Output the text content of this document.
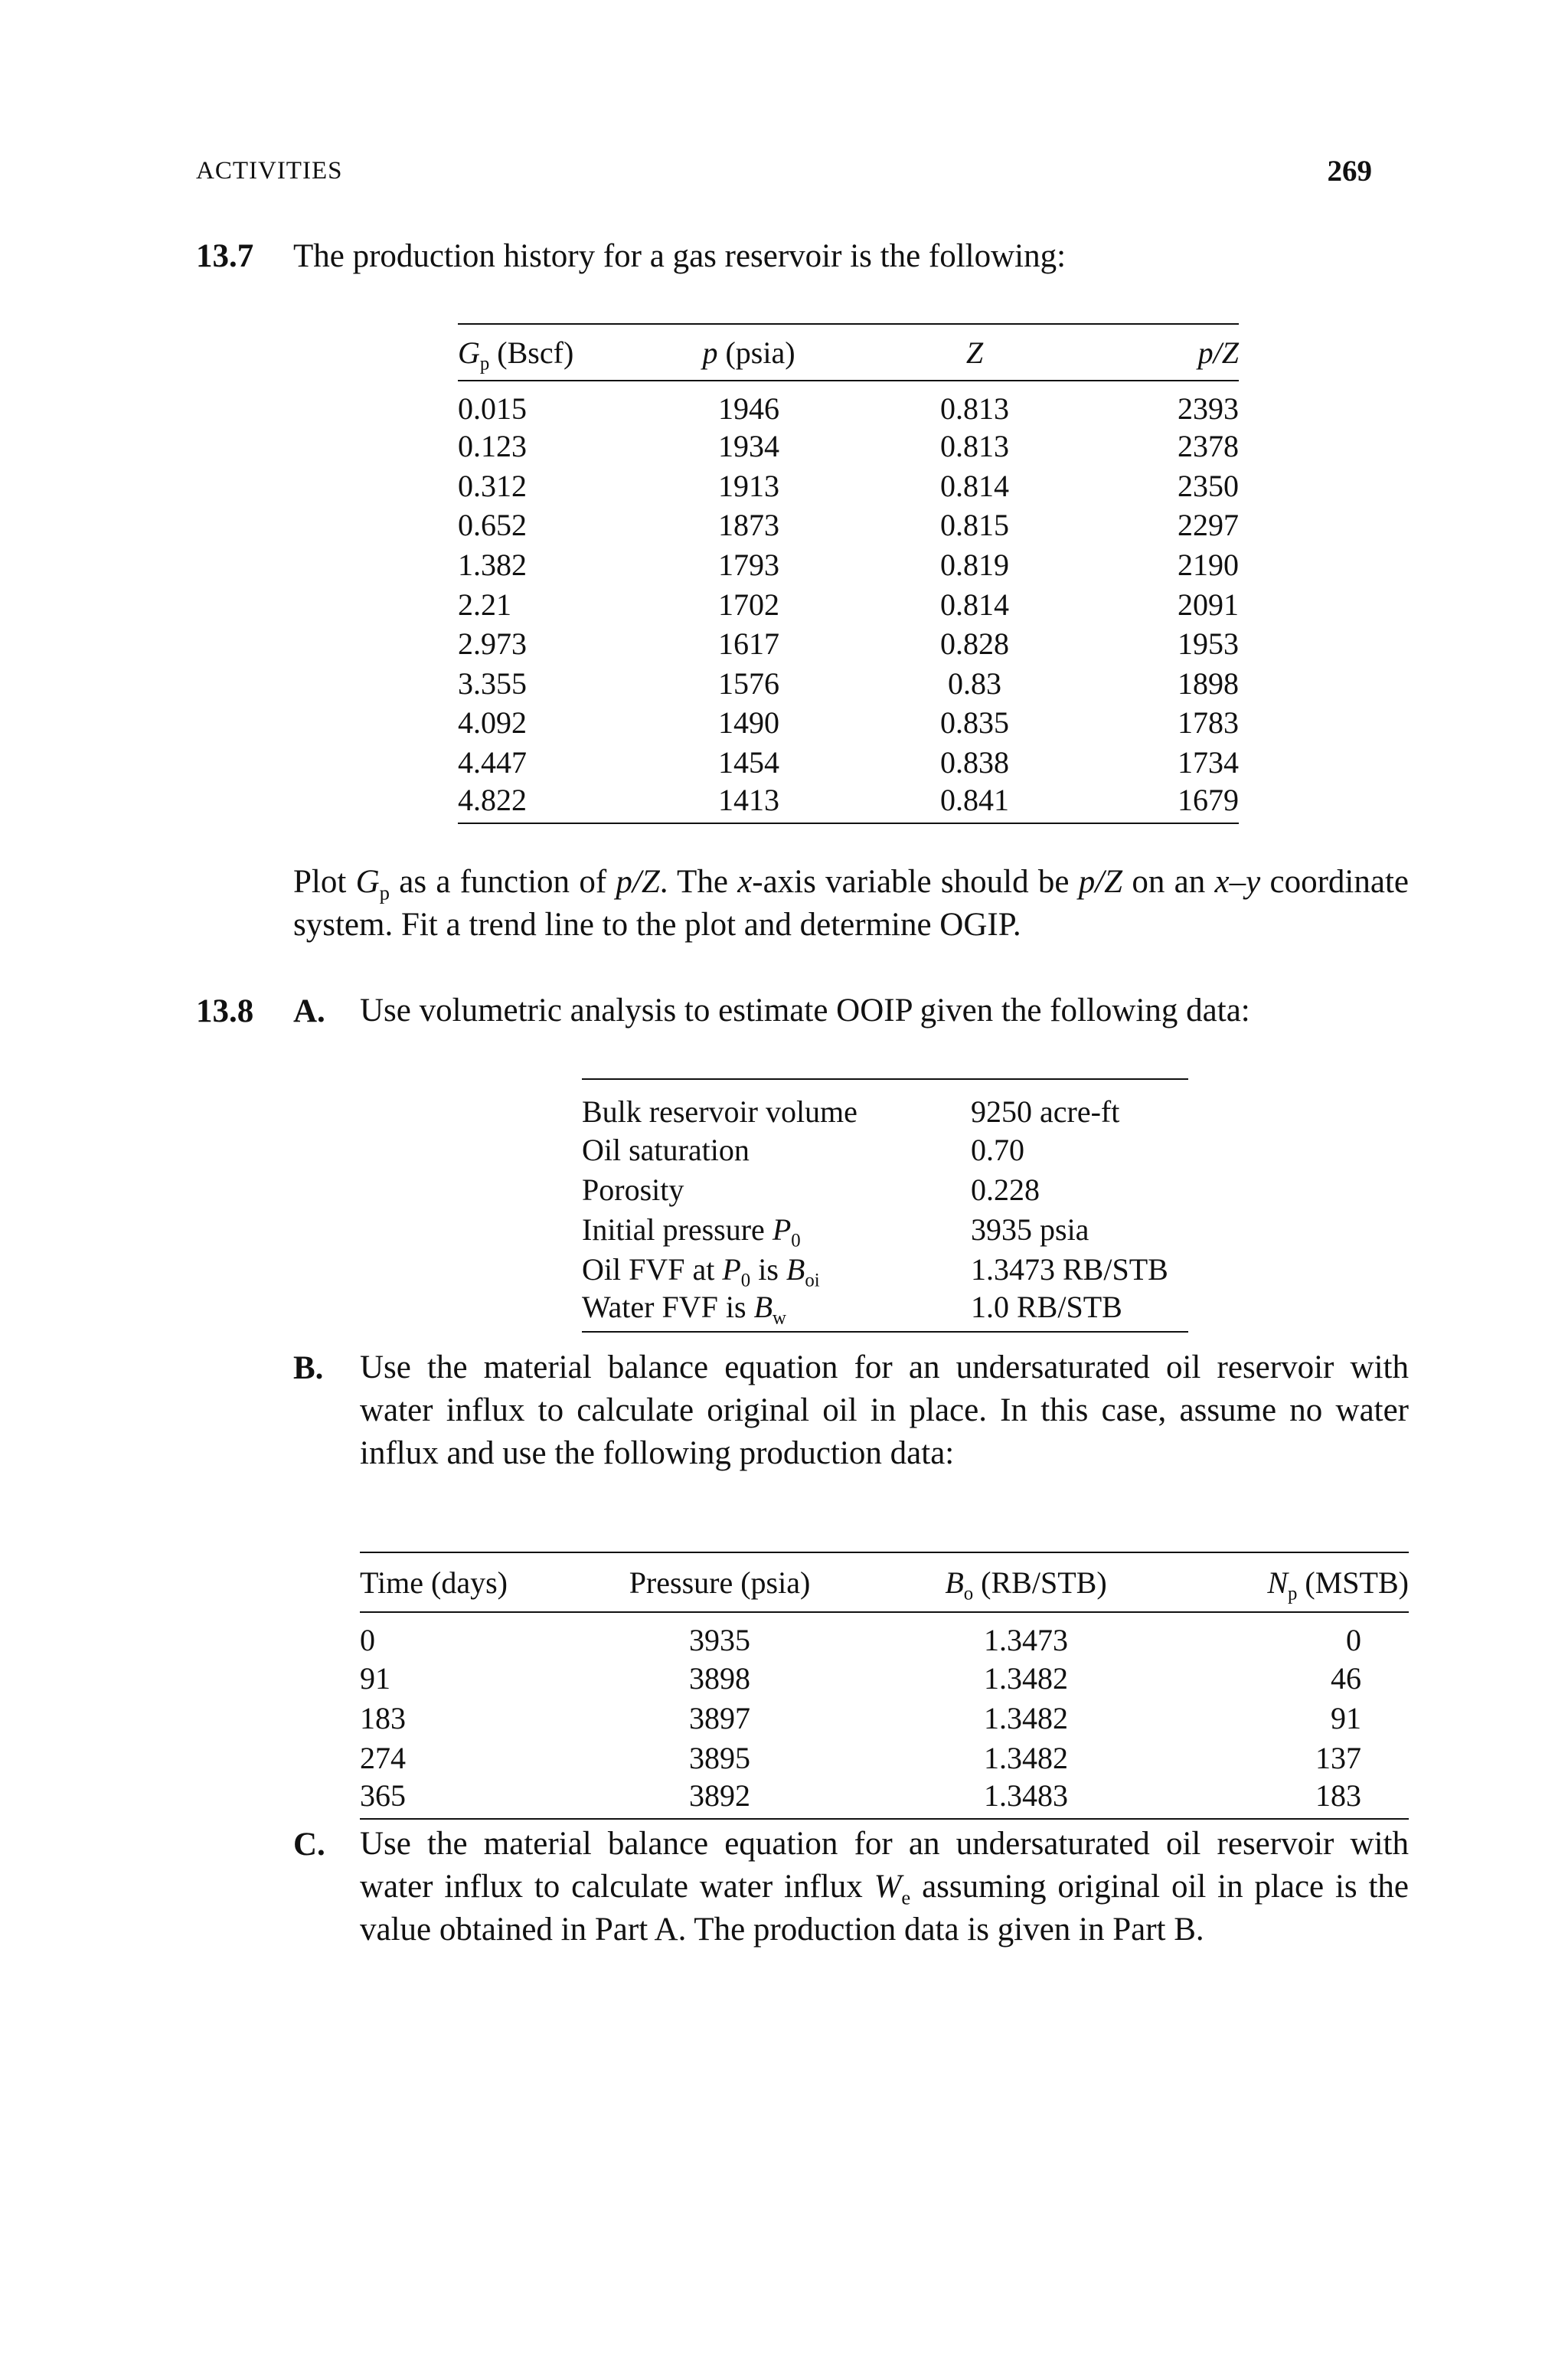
ACTIVITIES	269
13.7 The production history for a gas reservoir is the following:
$G_p$ (Bscf)	p (psia)	Z	p/Z
0.015	1946	0.813	2393
0.123	1934	0.813	2378
0.312	1913	0.814	2350
0.652	1873	0.815	2297
1.382	1793	0.819	2190
2.21	1702	0.814	2091
2.973	1617	0.828	1953
3.355	1576	0.83	1898
4.092	1490	0.835	1783
4.447	1454	0.838	1734
4.822	1413	0.841	1679
Plot $G_p$ as a function of p/Z. The x-axis variable should be p/Z on an x–y coordinate system. Fit a trend line to the plot and determine OGIP.
13.8 A. Use volumetric analysis to estimate OOIP given the following data:
Bulk reservoir volume	9250 acre-ft
Oil saturation	0.70
Porosity	0.228
Initial pressure $P_0$	3935 psia
Oil FVF at $P_0$ is $B_{oi}$	1.3473 RB/STB
Water FVF is $B_w$	1.0 RB/STB
B. Use the material balance equation for an undersaturated oil reservoir with water influx to calculate original oil in place. In this case, assume no water influx and use the following production data:
Time (days)	Pressure (psia)	$B_o$ (RB/STB)	$N_p$ (MSTB)
0	3935	1.3473	0
91	3898	1.3482	46
183	3897	1.3482	91
274	3895	1.3482	137
365	3892	1.3483	183
C. Use the material balance equation for an undersaturated oil reservoir with water influx to calculate water influx $W_e$ assuming original oil in place is the value obtained in Part A. The production data is given in Part B.
